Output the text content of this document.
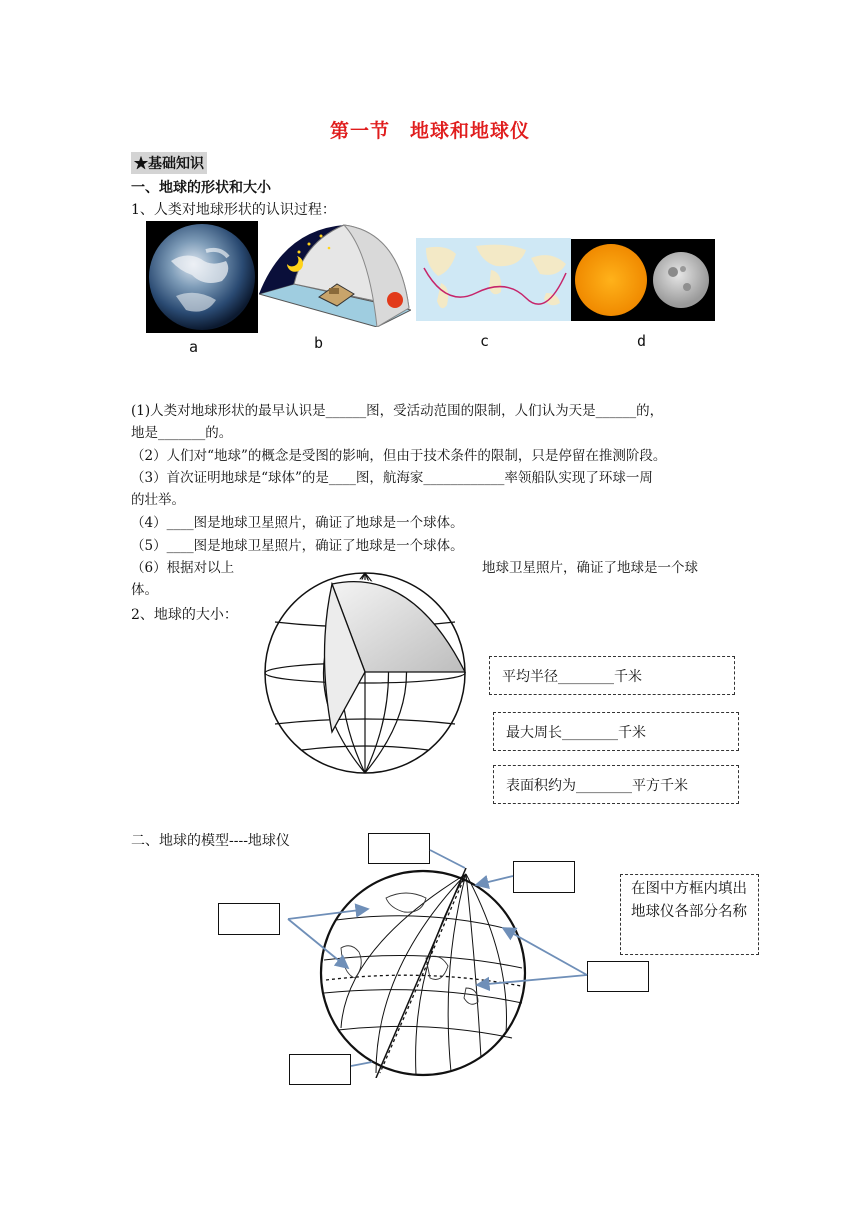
第一节　地球和地球仪
★基础知识
一、地球的形状和大小
1、人类对地球形状的认识过程：
a	b	c	d
(1)人类对地球形状的最早认识是______图，受活动范围的限制，人们认为天是______的，
地是_______的。
（2）人们对“地球”的概念是受图的影响，但由于技术条件的限制，只是停留在推测阶段。
（3）首次证明地球是“球体”的是____图，航海家____________率领船队实现了环球一周
的壮举。
（4）____图是地球卫星照片，确证了地球是一个球体。
（5）____图是地球卫星照片，确证了地球是一个球体。
（6）根据对以上	地球卫星照片，确证了地球是一个球
体。
2、地球的大小：
平均半径________千米
最大周长________千米
表面积约为________平方千米
二、地球的模型----地球仪
在图中方框内填出地球仪各部分名称
